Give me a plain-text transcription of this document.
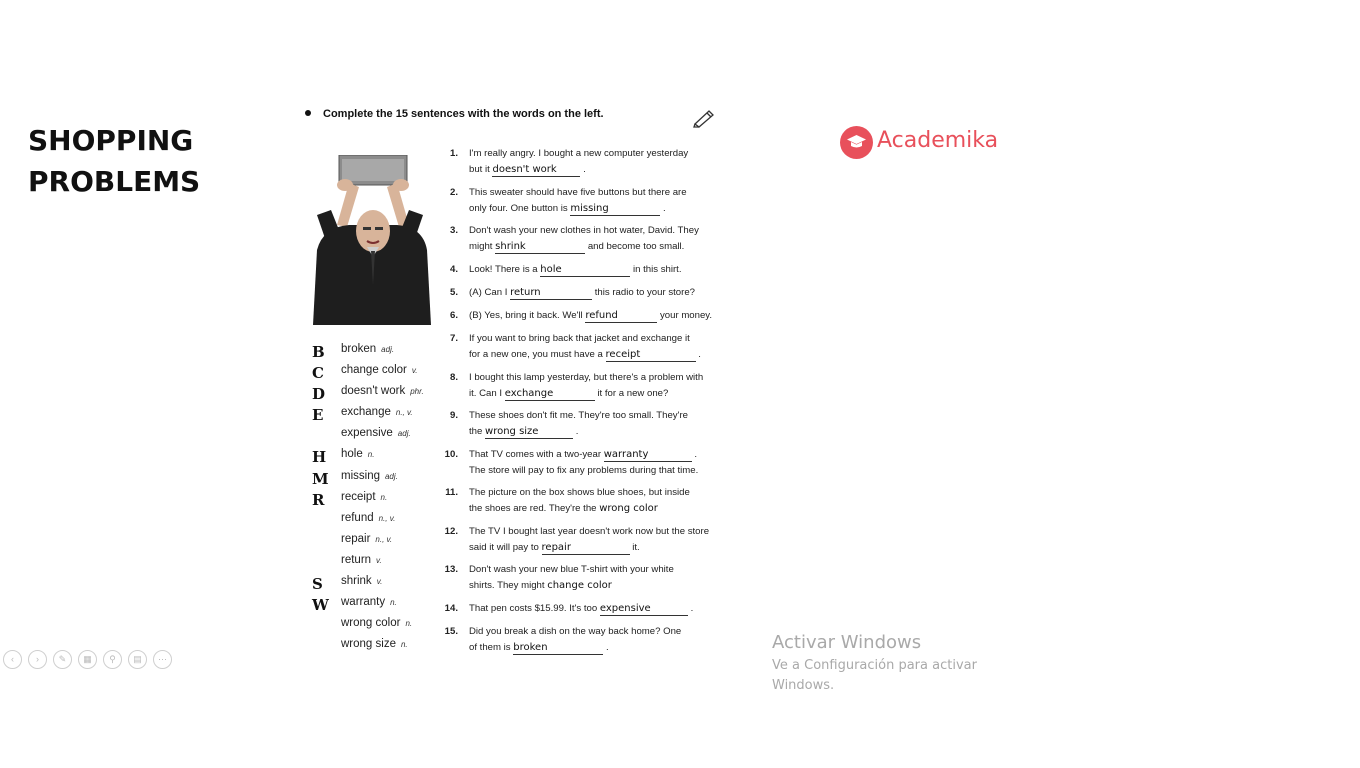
SHOPPING
PROBLEMS
Complete the 15 sentences with the words on the left.
B broken adj.
C	change color v.
D doesn't work phr.
E	exchange n., v.
expensive adj.
H hole n.
M missing adj.
R	receipt n.
refund n., v.
repair n., v.
return v.
S	shrink v.
W warranty n.
wrong color n.
wrong size n.
1. I'm really angry. I bought a new computer yesterday
but it doesn't work	.
2. This sweater should have five buttons but there are
only four. One button is missing	.
3. Don't wash your new clothes in hot water, David. They
might shrink	and become too small.
4. Look! There is a hole	in this shirt.
5. (A) Can I return	this radio to your store?
6. (B) Yes, bring it back. We'll refund	your money.
7. If you want to bring back that jacket and exchange it
for a new one, you must have a receipt	.
8. I bought this lamp yesterday, but there's a problem with
it. Can I exchange	it for a new one?
9. These shoes don't fit me. They're too small. They're
the wrong size	.
10. That TV comes with a two-year warranty	.
The store will pay to fix any problems during that time.
11. The picture on the box shows blue shoes, but inside
the shoes are red. They're the wrong color
12. The TV I bought last year doesn't work now but the store
said it will pay to repair	it.
13. Don't wash your new blue T-shirt with your white
shirts. They might change color
14. That pen costs $15.99. It's too expensive	.
15. Did you break a dish on the way back home? One
of them is broken	.
Academika
‹	›	✎	▦	⚲	▤	⋯
Activar Windows
Ve a Configuración para activar Windows.
